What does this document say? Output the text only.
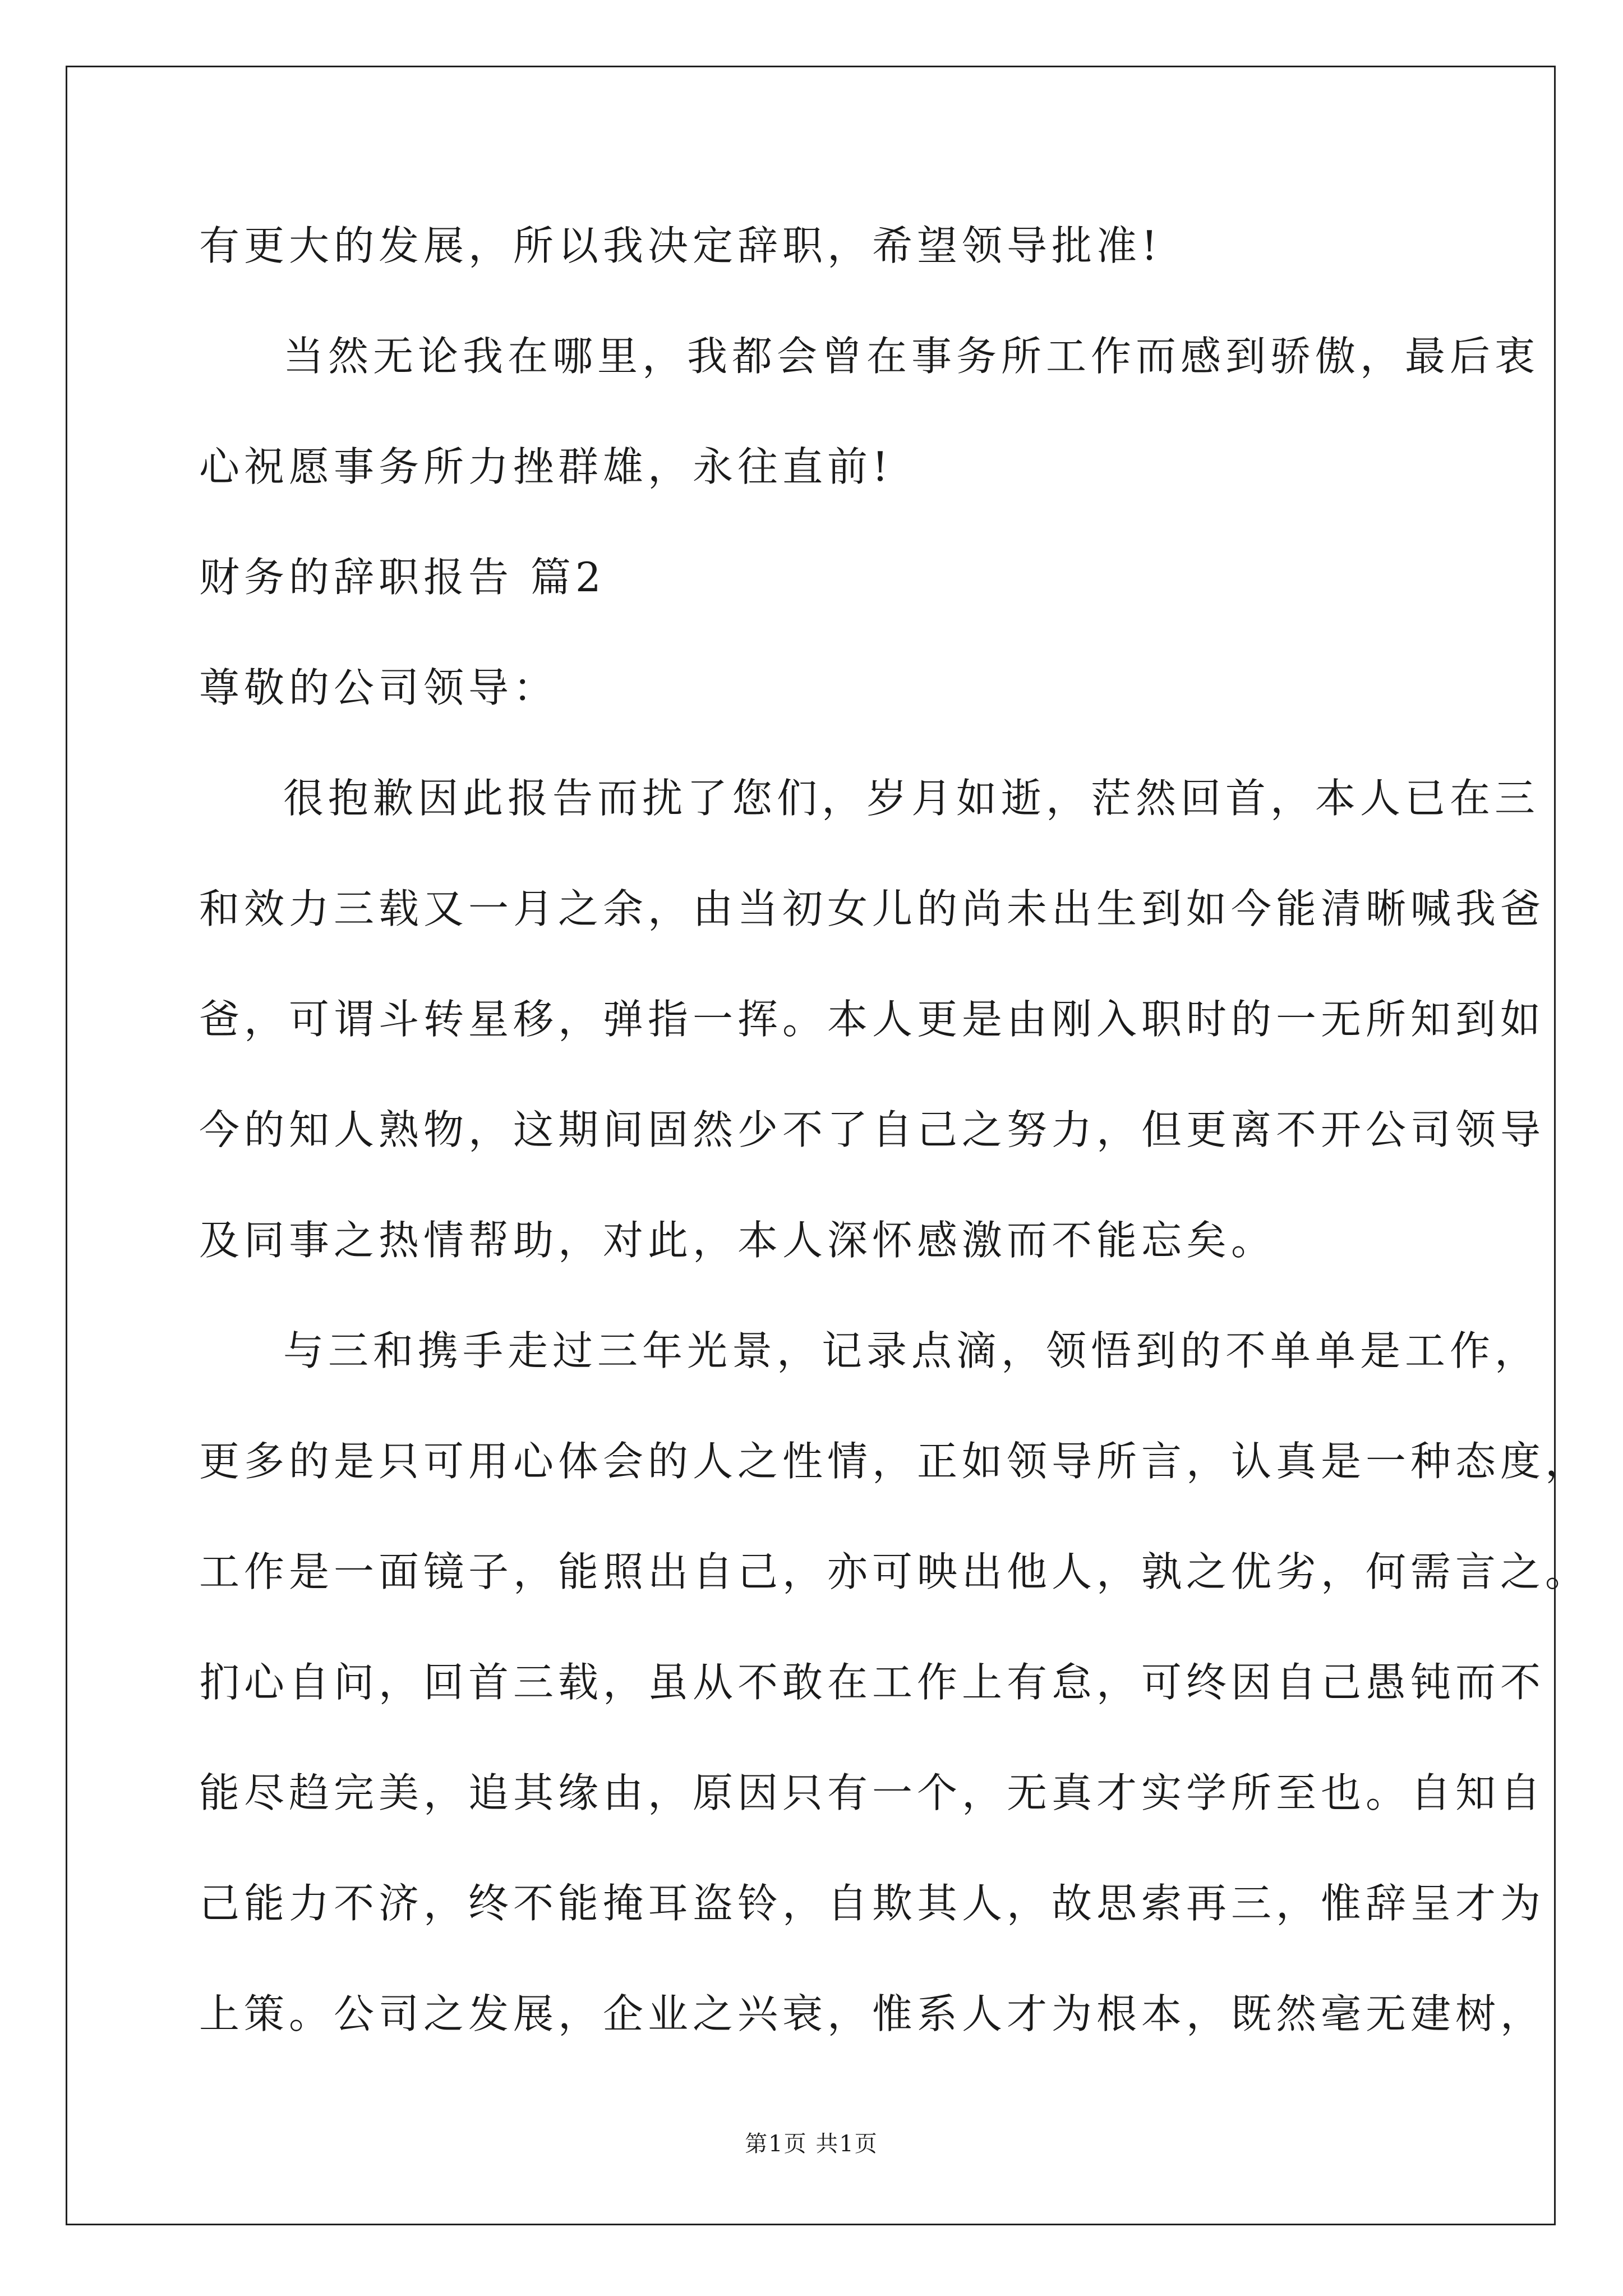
有更大的发展，所以我决定辞职，希望领导批准!
当然无论我在哪里，我都会曾在事务所工作而感到骄傲，最后衷
心祝愿事务所力挫群雄，永往直前!
财务的辞职报告 篇2
尊敬的公司领导：
很抱歉因此报告而扰了您们，岁月如逝，茫然回首，本人已在三
和效力三载又一月之余，由当初女儿的尚未出生到如今能清晰喊我爸
爸，可谓斗转星移，弹指一挥。本人更是由刚入职时的一无所知到如
今的知人熟物，这期间固然少不了自己之努力，但更离不开公司领导
及同事之热情帮助，对此，本人深怀感激而不能忘矣。
与三和携手走过三年光景，记录点滴，领悟到的不单单是工作，
更多的是只可用心体会的人之性情，正如领导所言，认真是一种态度，
工作是一面镜子，能照出自己，亦可映出他人，孰之优劣，何需言之。
扪心自问，回首三载，虽从不敢在工作上有怠，可终因自己愚钝而不
能尽趋完美，追其缘由，原因只有一个，无真才实学所至也。自知自
己能力不济，终不能掩耳盗铃，自欺其人，故思索再三，惟辞呈才为
上策。公司之发展，企业之兴衰，惟系人才为根本，既然毫无建树，
第1页 共1页
